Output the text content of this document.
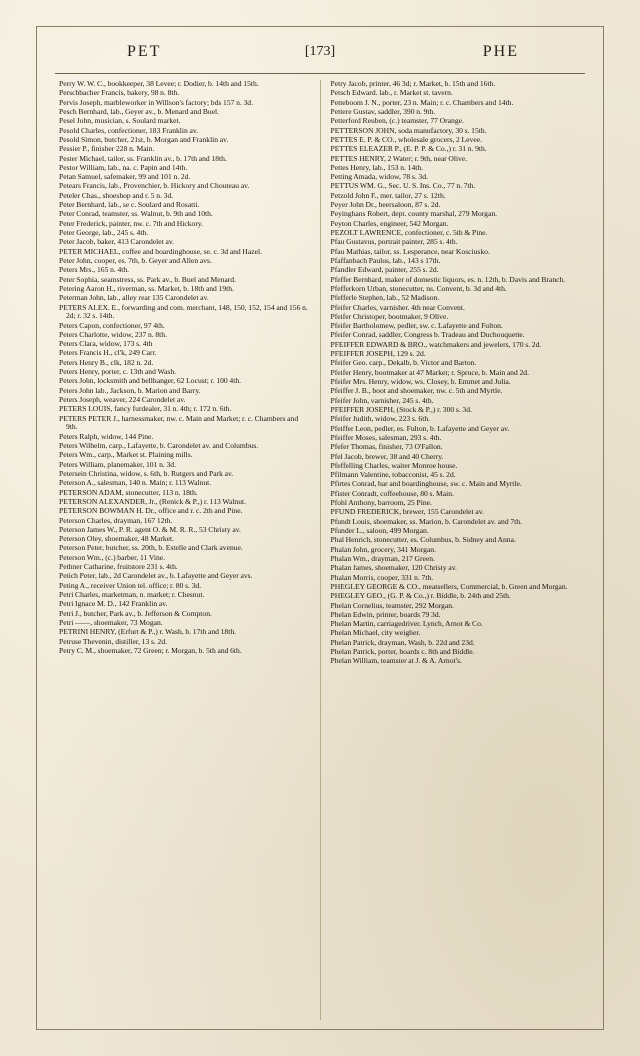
PET	[173]	PHE

Perry W. W. C., bookkeeper, 38 Levee; r. Dodier, b. 14th and 15th.

Perschbacher Francis, bakery, 98 n. 8th.

Pervis Joseph, marbleworker in Willson's factory; bds 157 n. 3d.

Pesch Bernhard, lab., Geyer av., b. Menard and Buel.

Pesel John, musician, s. Soulard market.

Pesold Charles, confectioner, 183 Franklin av.

Pesold Simon, butcher, 21st, b. Morgan and Franklin av.

Pessier P., finisher 228 n. Main.

Pester Michael, tailor, ss. Franklin av., b. 17th and 18th.

Pestor William, lab., na. c. Papin and 14th.

Petan Samuel, safemaker, 99 and 101 n. 2d.

Petears Francis, lab., Provenchier, b. Hickory and Chouteau av.

Peteler Chas., shoeshop and r. 5 n. 3d.

Peter Bernhard, lab., se c. Soulard and Rosatti.

Peter Conrad, teamster, ss. Walnut, b. 9th and 10th.

Peter Frederick, painter, nw. c. 7th and Hickory.

Peter George, lab., 245 s. 4th.

Peter Jacob, baker, 413 Carondelet av.

PETER MICHAEL, coffee and boardinghouse, se. c. 3d and Hazel.

Peter John, cooper, es. 7th, b. Geyer and Allen avs.

Peters Mrs., 165 n. 4th.

Peter Sophia, seamstress, ss. Park av., b. Buel and Menard.

Petering Aaron H., riverman, ss. Market, b. 18th and 19th.

Peterman John, lab., alley rear 135 Carondelet av.

PETERS ALEX. E., forwarding and com. merchant, 148, 150, 152, 154 and 156 n. 2d; r. 32 s. 14th.

Peters Capon, confectioner, 97 4th.

Peters Charlotte, widow, 237 n. 8th.

Peters Clara, widow, 173 s. 4th

Peters Francis H., cl'k, 249 Carr.

Peters Henry B., clk, 182 n. 2d.

Peters Henry, porter, c. 13th and Wash.

Peters John, locksmith and bellhanger, 62 Locust; r. 100 4th.

Peters John lab., Jackson, b. Marion and Barry.

Peters Joseph, weaver, 224 Carondelet av.

PETERS LOUIS, fancy furdealer, 31 n. 4th; r. 172 n. 6th.

PETERS PETER J., harnessmaker, nw. c. Main and Market; r. c. Chambers and 9th.

Peters Ralph, widow, 144 Pine.

Peters Wilhelm, carp., Lafayette, b. Carondelet av. and Columbus.

Peters Wm., carp., Market st. Plaining mills.

Peters William, planemaker, 101 n. 3d.

Petersein Christina, widow, s. 6th, b. Rutgers and Park av.

Peterson A., salesman, 140 n. Main; r. 113 Walnut.

PETERSON ADAM, stonecutter, 113 n. 18th.

PETERSON ALEXANDER, Jr., (Renick & P.,) r. 113 Walnut.

PETERSON BOWMAN H. Dr., office and r. c. 2th and Pine.

Peterson Charles, drayman, 167 12th.

Peterson James W., P. R. agent O. & M. R. R., 53 Christy av.

Peterson Oley, shoemaker, 48 Market.

Peterson Peter, butcher, ss. 20th, b. Estelle and Clark avenue.

Peterson Wm., (c.) barber, 11 Vine.

Pethner Catharine, fruitstore 231 s. 4th.

Petich Peter, lab., 2d Carondelet av., b. Lafayette and Geyer avs.

Peting A., receiver Union tel. office; r. 80 s. 3d.

Petri Charles, marketman, n. market; r. Chesnut.

Petri Ignace M. D., 142 Franklin av.

Petri J., butcher, Park av., b. Jefferson & Compton.

Petri ——, shoemaker, 73 Mogan.

PETRINI HENRY, (Erfurt & P.,) r. Wash, b. 17th and 18th.

Petruse Thevenin, distiller, 13 s. 2d.

Petry C. M., shoemaker, 72 Green; r. Morgan, b. 5th and 6th.

Petry Jacob, printer, 46 3d; r. Market, b. 15th and 16th.

Petsch Edward. lab., r. Market st. tavern.

Petteboom J. N., porter, 23 n. Main; r. c. Chambers and 14th.

Pettere Gustav, saddler, 390 n. 9th.

Petterford Reuben, (c.) teamster, 77 Orange.

PETTERSON JOHN, soda manufactory, 30 s. 15th.

PETTES E. P. & CO., wholesale grocers, 2 Levee.

PETTES ELEAZER P., (E. P. P. & Co.,) r. 31 n. 9th.

PETTES HENRY, 2 Water; r. 9th, near Olive.

Pettes Henry, lab., 153 n. 14th.

Petting Amada, widow, 78 s. 3d.

PETTUS WM. G., Sec. U. S. Ins. Co., 77 n. 7th.

Petzold John F., mer. tailor, 27 s. 12th.

Peyer John Dr., beersaloon, 87 s. 2d.

Peyinghans Robert, dept. county marshal, 279 Morgan.

Peyton Charles, engineer, 542 Morgan.

PEZOLT LAWRENCE, confectioner, c. 5th & Pine.

Pfau Gustavus, portrait painter, 285 s. 4th.

Pfau Mathias, tailor, ss. Lesperance, near Kosciusko.

Pfaffanbach Paulus, lab., 143 s 17th.

Pfandler Edward, painter, 255 s. 2d.

Pfeffer Bernhard, maker of domestic liquors, es. n. 12th, b. Davis and Branch.

Pfefferkorn Urban, stonecutter, ns. Convent, b. 3d and 4th.

Pfefferle Stephen, lab., 52 Madison.

Pfeifer Charles, varnisher. 4th near Convent.

Pfeifer Christoper, bootmaker, 9 Olive.

Pfeifer Bartholomew, pedler, sw. c. Lafayette and Fulton.

Pfeifer Conrad, saddler, Congress b. Tradeau and Duchouquette.

PFEIFFER EDWARD & BRO., watchmakers and jewelers, 170 s. 2d.

PFEIFFER JOSEPH, 129 s. 2d.

Pfeifer Geo. carp., Dekalb, b. Victor and Barton.

Pfeifer Henry, bootmaker at 47 Market; r. Spruce, b. Main and 2d.

Pfeifer Mrs. Henry, widow, ws. Closey, b. Emmet and Julia.

Pfeiffer J. B., boot and shoemaker, nw. c. 5th and Myrtle.

Pfeifer John, varnisher, 245 s. 4th.

PFEIFFER JOSEPH, (Stock & P.,) r. 300 s. 3d.

Pfeifer Judith, widow, 223 s. 6th.

Pfeiffer Leon, pedler, es. Fulton, b. Lafayette and Geyer av.

Pfeiffer Moses, salesman, 293 s. 4th.

Pfefer Thomas, finisher, 73 O'Fallon.

Pfel Jacob, brewer, 38 and 40 Cherry.

Pfeffelling Charles, waiter Monroe house.

Pfilmann Valentine, tobacconist, 45 s. 2d.

Pfirtes Conrad, bar and boardinghouse, sw. c. Main and Myrtle.

Pfister Conradt, coffeehouse, 80 s. Main.

Pfohl Anthony, barroom, 25 Pine.

PFUND FREDERICK, brewer, 155 Carondelet av.

Pfundt Louis, shoemaker, ss. Marion, b. Carondelet av. and 7th.

Pfunder L., saloon, 499 Morgan.

Phal Henrich, stonecutter, es. Columbus, b. Sidney and Anna.

Phalan John, grocery, 341 Morgan.

Phalan Wm., drayman, 217 Green.

Phalan James, shoemaker, 120 Christy av.

Phalan Morris, cooper, 331 n. 7th.

PHEGLEY GEORGE & CO., meatsellers, Commercial, b. Green and Morgan.

PHEGLEY GEO., (G. P. & Co.,) r. Biddle, b. 24th and 25th.

Phelan Cornelius, teamster, 292 Morgan.

Phelan Edwin, printer, boards 79 3d.

Phelan Martin, carriagedriver. Lynch, Arnot & Co.

Phelan Michael, city weigher.

Phelan Patrick, drayman, Wash, b. 22d and 23d.

Phelan Patrick, porter, boards c. 8th and Biddle.

Phelan William, teamster at J. & A. Arnot's.
